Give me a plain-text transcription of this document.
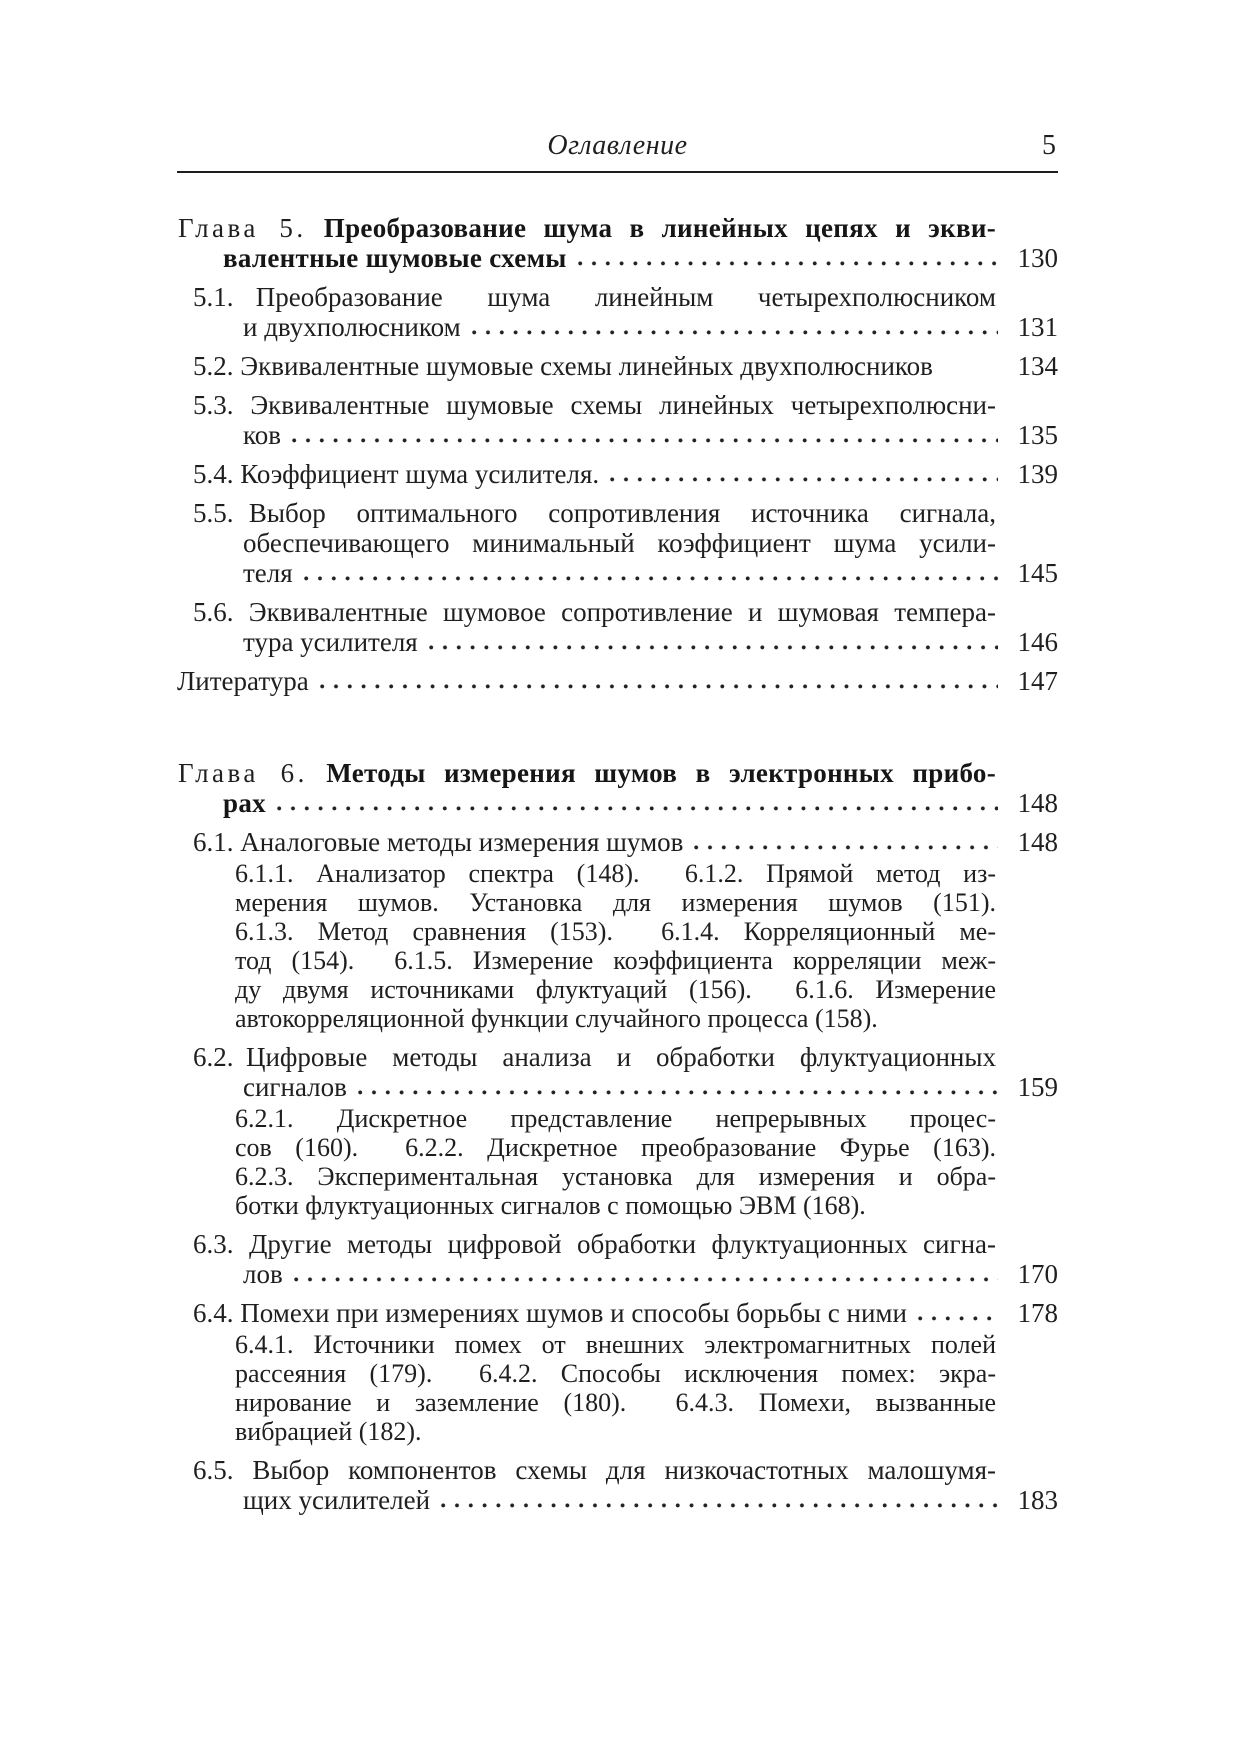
Оглавление	5
Глава 5. Преобразование шума в линейных цепях и экви-
валентные шумовые схемы	130
5.1. Преобразование  шума  линейным  четырехполюсником
и двухполюсником	131
5.2. Эквивалентные шумовые схемы линейных двухполюсников	134
5.3. Эквивалентные шумовые схемы линейных четырехполюсни-
ков	135
5.4. Коэффициент шума усилителя.	139
5.5. Выбор  оптимального  сопротивления  источника  сигнала,
обеспечивающего  минимальный  коэффициент  шума  усили-
теля	145
5.6. Эквивалентные шумовое сопротивление и шумовая темпера-
тура усилителя	146
Литература	147
Глава 6. Методы измерения шумов в электронных прибо-
рах	148
6.1. Аналоговые методы измерения шумов	148
6.1.1. Анализатор спектра (148).  6.1.2. Прямой метод из-
мерения  шумов.  Установка  для  измерения  шумов  (151).
6.1.3. Метод сравнения (153).  6.1.4. Корреляционный ме-
тод (154).  6.1.5. Измерение коэффициента корреляции меж-
ду двумя источниками флуктуаций (156).  6.1.6. Измерение
автокорреляционной функции случайного процесса (158).
6.2. Цифровые  методы  анализа  и  обработки  флуктуационных
сигналов	159
6.2.1.  Дискретное  представление  непрерывных  процес-
сов (160).  6.2.2. Дискретное преобразование Фурье (163).
6.2.3. Экспериментальная установка для измерения и обра-
ботки флуктуационных сигналов с помощью ЭВМ (168).
6.3. Другие методы цифровой обработки флуктуационных сигна-
лов	170
6.4. Помехи при измерениях шумов и способы борьбы с ними	178
6.4.1. Источники помех от внешних электромагнитных полей
рассеяния (179).  6.4.2. Способы исключения помех: экра-
нирование и заземление (180).  6.4.3. Помехи, вызванные
вибрацией (182).
6.5. Выбор компонентов схемы для низкочастотных малошумя-
щих усилителей	183
